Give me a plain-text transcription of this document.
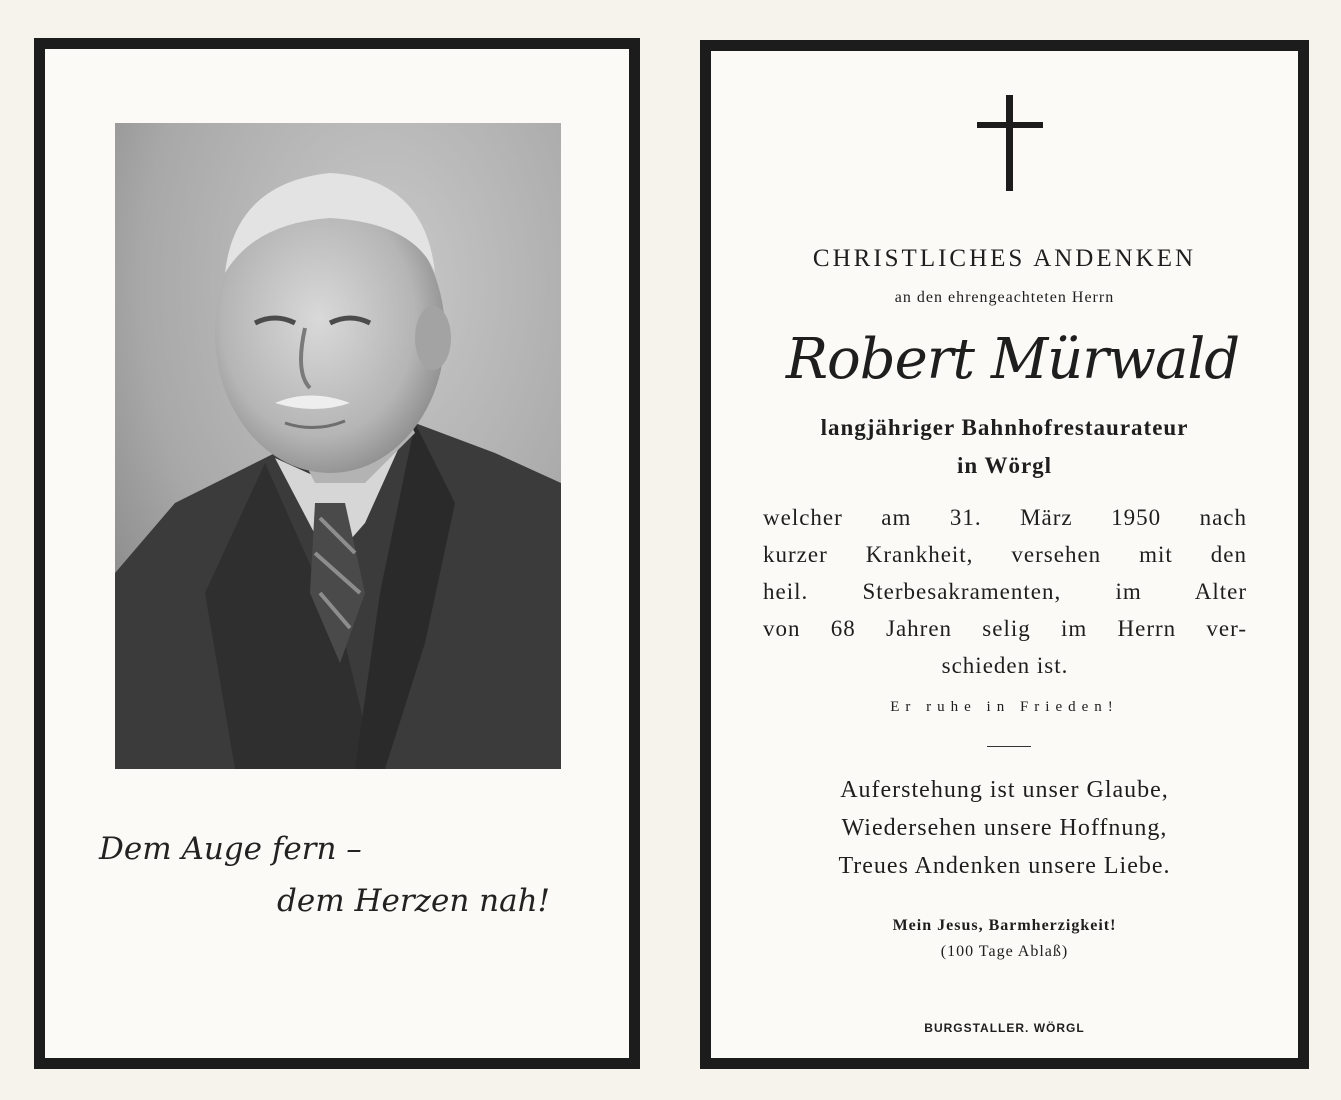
Dem Auge fern –
dem Herzen nah!
CHRISTLICHES ANDENKEN
an den ehrengeachteten Herrn
Robert Mürwald
langjähriger Bahnhofrestaurateur
in Wörgl
welcher am 31. März 1950 nach
kurzer Krankheit, versehen mit den
heil. Sterbesakramenten, im Alter
von 68 Jahren selig im Herrn ver-
schieden ist.
Er ruhe in Frieden!
Auferstehung ist unser Glaube,
Wiedersehen unsere Hoffnung,
Treues Andenken unsere Liebe.
Mein Jesus, Barmherzigkeit!
(100 Tage Ablaß)
BURGSTALLER. WÖRGL
